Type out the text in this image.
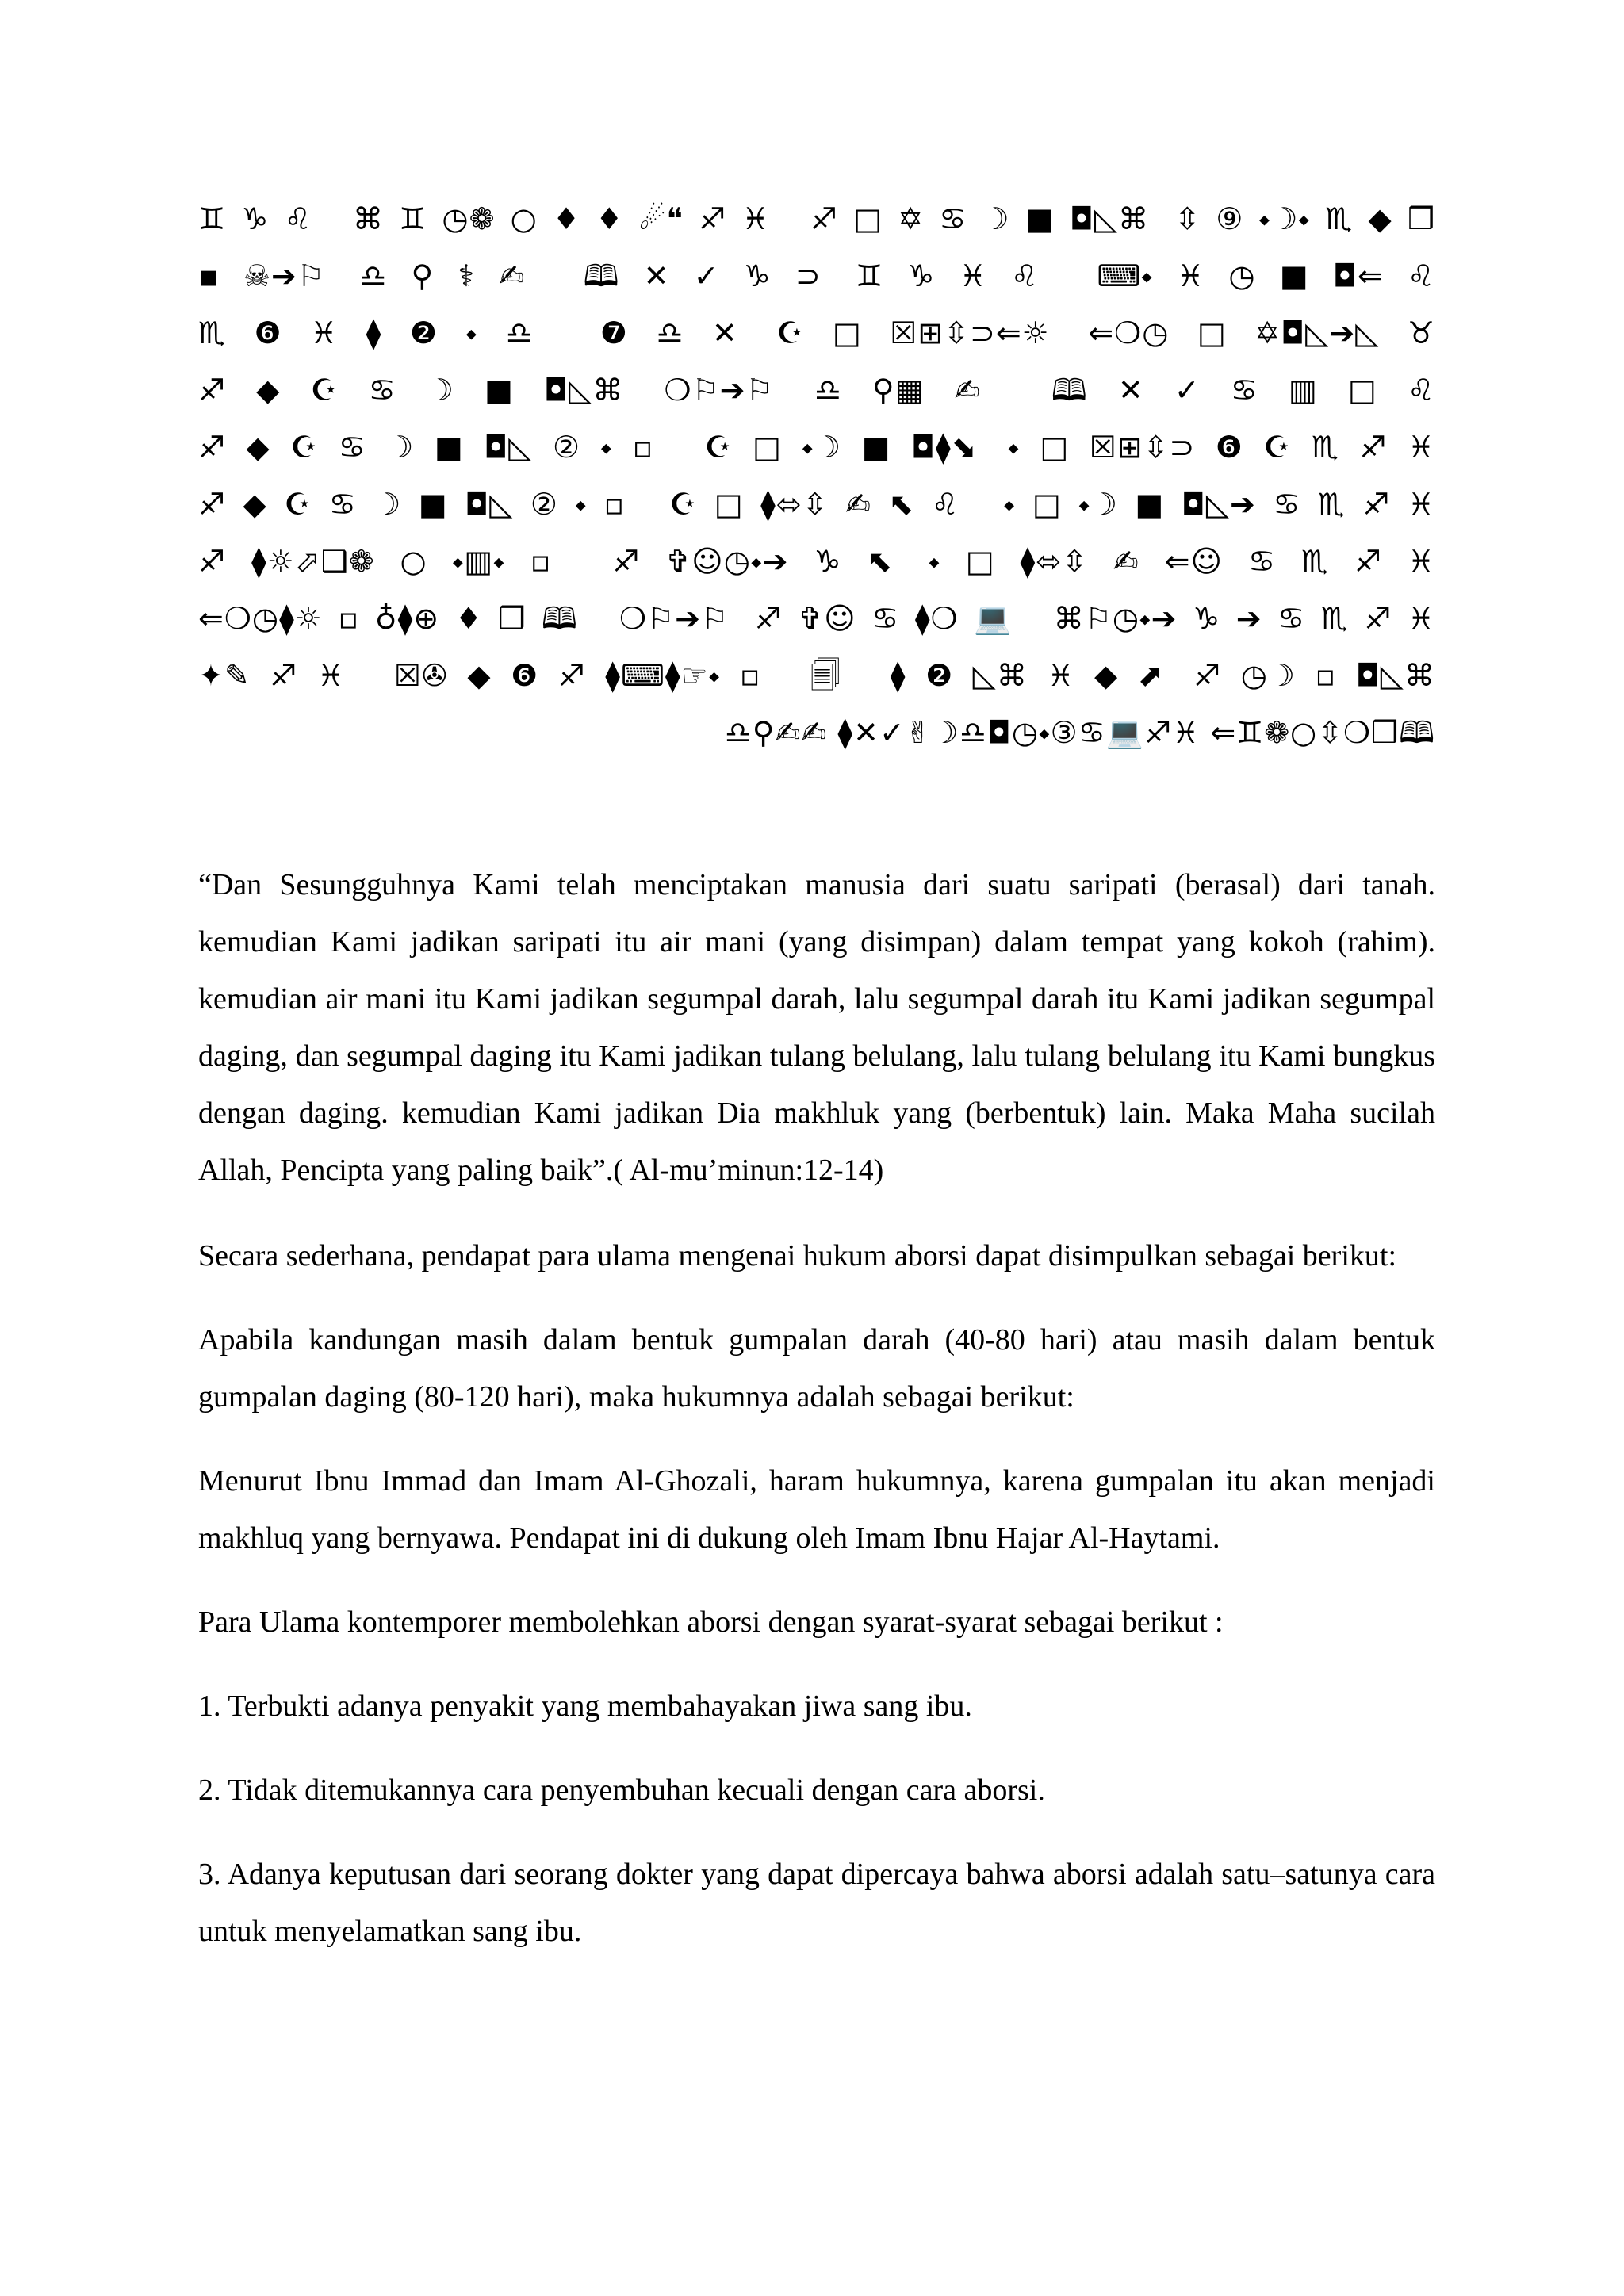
♊♑♌ ⌘♊◷❁○♦♦☄❝♐♓ ♐□✡♋☽■◘◺⌘ ⇳⑨⬩☽⬩♏◆❒
▪☠➔⚐ ♎⚲⚕✍ 🕮✕✓♑⊃ ♊♑♓♌ ⌨⬩♓◷■◘⇐♌
♏❻♓⧫❷⬩♎ ❼♎✕ ☪□☒⊞⇳⊃⇐☼ ⇐❍◷□✡◘◺➔◺♉
♐◆☪♋☽■◘◺⌘ ❍⚐➔⚐ ♎⚲▦✍ 🕮✕✓♋▥□♌
♐◆☪♋☽■◘◺②⬩▫ ☪□⬩☽■◘⧫⬊ ⬩□☒⊞⇳⊃❻☪♏♐♓
♐◆☪♋☽■◘◺②⬩▫ ☪□⧫⬄⇳✍⬉♌ ⬩□⬩☽■◘◺➔♋♏♐♓
♐⧫☼⬀❑❁○⬩▥⬩▫ ♐✞☺◷⬩➔♑⬉ ⬩□⧫⬄⇳✍⇐☺♋♏♐♓
⇐❍◷⧫☼▫♁⧫⊕♦❒🕮 ❍⚐➔⚐ ♐✞☺♋⧫❍💻 ⌘⚐◷⬩➔♑➔♋♏♐♓
✦✎♐♓ ☒✇◆❻♐⧫⌨⧫☞⬩▫ 🗐 ⧫❷◺⌘♓◆⬈ ♐◷☽▫◘◺⌘
♎⚲✍✍ ⧫✕✓✌☽♎◘◷⬩③♋💻♐♓ ⇐♊❁○⇳❍❒🕮

“Dan Sesungguhnya Kami telah menciptakan manusia dari suatu saripati (berasal) dari tanah. kemudian Kami jadikan saripati itu air mani (yang disimpan) dalam tempat yang kokoh (rahim). kemudian air mani itu Kami jadikan segumpal darah, lalu segumpal darah itu Kami jadikan segumpal daging, dan segumpal daging itu Kami jadikan tulang belulang, lalu tulang belulang itu Kami bungkus dengan daging. kemudian Kami jadikan Dia makhluk yang (berbentuk) lain. Maka Maha sucilah Allah, Pencipta yang paling baik”.( Al-mu’minun:12-14)

Secara sederhana, pendapat para ulama mengenai hukum aborsi dapat disimpulkan sebagai berikut:

Apabila kandungan masih dalam bentuk gumpalan darah (40-80 hari) atau masih dalam bentuk gumpalan daging (80-120 hari), maka hukumnya adalah sebagai berikut:

Menurut Ibnu Immad dan Imam Al-Ghozali, haram hukumnya, karena gumpalan itu akan menjadi makhluq yang bernyawa. Pendapat ini di dukung oleh Imam Ibnu Hajar Al-Haytami.

Para Ulama kontemporer membolehkan aborsi dengan syarat-syarat sebagai berikut :

1. Terbukti adanya penyakit yang membahayakan jiwa sang ibu.

2. Tidak ditemukannya cara penyembuhan kecuali dengan cara aborsi.

3. Adanya keputusan dari seorang dokter yang dapat dipercaya bahwa aborsi adalah satu–satunya cara untuk menyelamatkan sang ibu.
